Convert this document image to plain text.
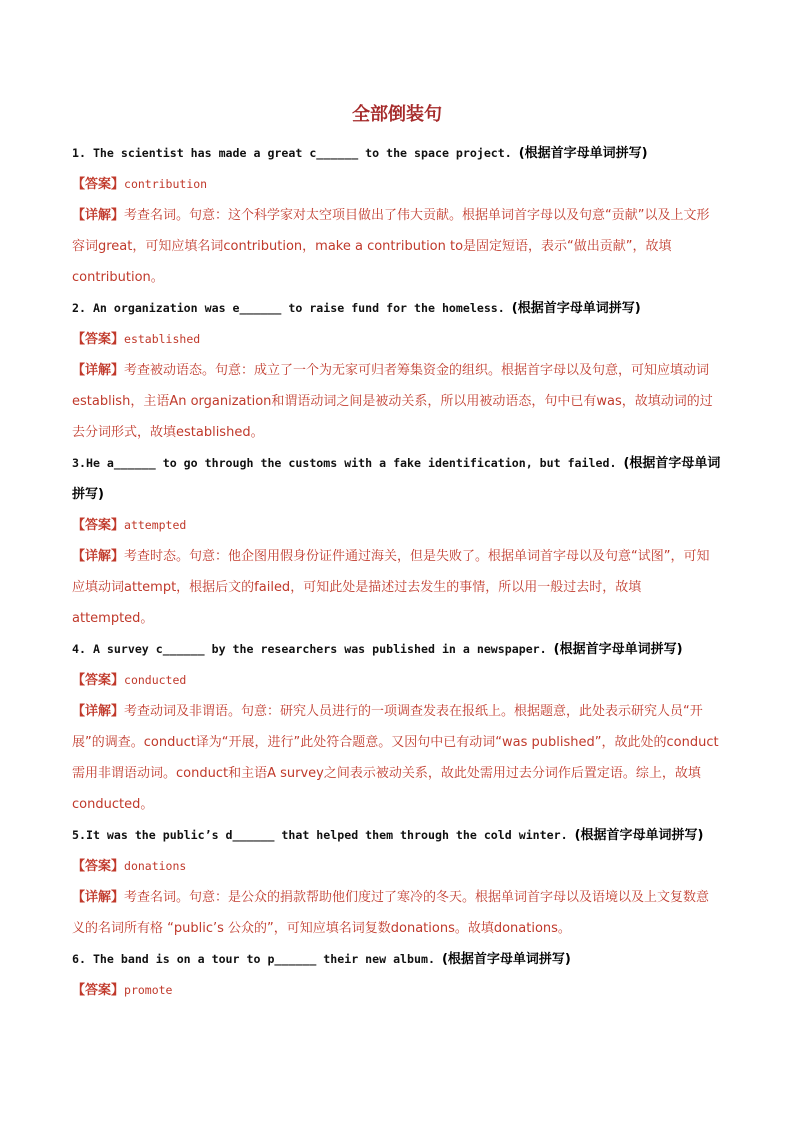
全部倒装句

1. The scientist has made a great c______ to the space project. (根据首字母单词拼写)

【答案】contribution

【详解】考查名词。句意：这个科学家对太空项目做出了伟大贡献。根据单词首字母以及句意“贡献”以及上文形容词great，可知应填名词contribution，make a contribution to是固定短语，表示“做出贡献”，故填contribution。

2. An organization was e______ to raise fund for the homeless. (根据首字母单词拼写)

【答案】established

【详解】考查被动语态。句意：成立了一个为无家可归者筹集资金的组织。根据首字母以及句意，可知应填动词establish，主语An organization和谓语动词之间是被动关系，所以用被动语态，句中已有was，故填动词的过去分词形式，故填established。

3.He a______ to go through the customs with a fake identification, but failed. (根据首字母单词拼写)

【答案】attempted

【详解】考查时态。句意：他企图用假身份证件通过海关，但是失败了。根据单词首字母以及句意“试图”，可知应填动词attempt，根据后文的failed，可知此处是描述过去发生的事情，所以用一般过去时，故填attempted。

4. A survey c______ by the researchers was published in a newspaper. (根据首字母单词拼写)

【答案】conducted

【详解】考查动词及非谓语。句意：研究人员进行的一项调查发表在报纸上。根据题意，此处表示研究人员“开展”的调查。conduct译为“开展，进行”此处符合题意。又因句中已有动词“was published”，故此处的conduct需用非谓语动词。conduct和主语A survey之间表示被动关系，故此处需用过去分词作后置定语。综上，故填conducted。

5.It was the public’s d______ that helped them through the cold winter. (根据首字母单词拼写)

【答案】donations

【详解】考查名词。句意：是公众的捐款帮助他们度过了寒冷的冬天。根据单词首字母以及语境以及上文复数意义的名词所有格 “public’s 公众的”，可知应填名词复数donations。故填donations。

6. The band is on a tour to p______ their new album. (根据首字母单词拼写)

【答案】promote
